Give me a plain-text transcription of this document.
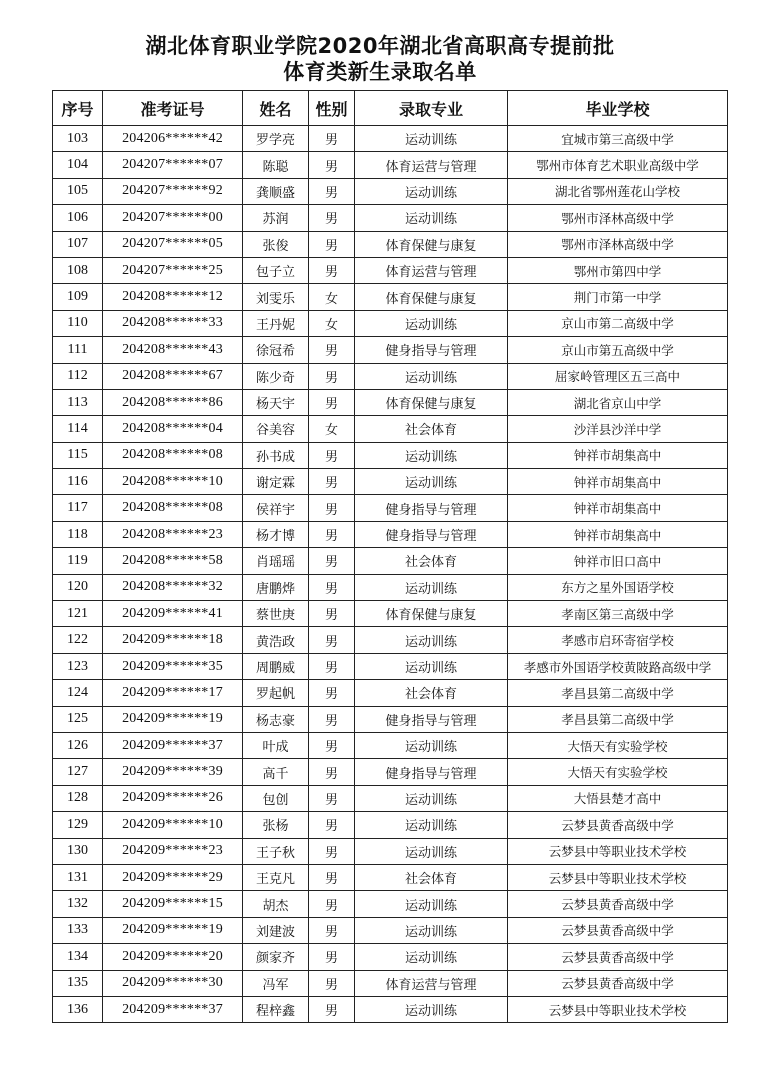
湖北体育职业学院2020年湖北省高职高专提前批
体育类新生录取名单
序号	准考证号	姓名	性别	录取专业	毕业学校
103	204206******42	罗学亮	男	运动训练	宜城市第三高级中学
104	204207******07	陈聪	男	体育运营与管理	鄂州市体育艺术职业高级中学
105	204207******92	龚顺盛	男	运动训练	湖北省鄂州莲花山学校
106	204207******00	苏润	男	运动训练	鄂州市泽林高级中学
107	204207******05	张俊	男	体育保健与康复	鄂州市泽林高级中学
108	204207******25	包子立	男	体育运营与管理	鄂州市第四中学
109	204208******12	刘雯乐	女	体育保健与康复	荆门市第一中学
110	204208******33	王丹妮	女	运动训练	京山市第二高级中学
111	204208******43	徐冠希	男	健身指导与管理	京山市第五高级中学
112	204208******67	陈少奇	男	运动训练	屈家岭管理区五三高中
113	204208******86	杨天宇	男	体育保健与康复	湖北省京山中学
114	204208******04	谷美容	女	社会体育	沙洋县沙洋中学
115	204208******08	孙书成	男	运动训练	钟祥市胡集高中
116	204208******10	谢定霖	男	运动训练	钟祥市胡集高中
117	204208******08	侯祥宇	男	健身指导与管理	钟祥市胡集高中
118	204208******23	杨才博	男	健身指导与管理	钟祥市胡集高中
119	204208******58	肖瑶瑶	男	社会体育	钟祥市旧口高中
120	204208******32	唐鹏烨	男	运动训练	东方之星外国语学校
121	204209******41	蔡世庚	男	体育保健与康复	孝南区第三高级中学
122	204209******18	黄浩政	男	运动训练	孝感市启环寄宿学校
123	204209******35	周鹏威	男	运动训练	孝感市外国语学校黄陂路高级中学
124	204209******17	罗起帆	男	社会体育	孝昌县第二高级中学
125	204209******19	杨志豪	男	健身指导与管理	孝昌县第二高级中学
126	204209******37	叶成	男	运动训练	大悟天有实验学校
127	204209******39	高千	男	健身指导与管理	大悟天有实验学校
128	204209******26	包创	男	运动训练	大悟县楚才高中
129	204209******10	张杨	男	运动训练	云梦县黄香高级中学
130	204209******23	王子秋	男	运动训练	云梦县中等职业技术学校
131	204209******29	王克凡	男	社会体育	云梦县中等职业技术学校
132	204209******15	胡杰	男	运动训练	云梦县黄香高级中学
133	204209******19	刘建波	男	运动训练	云梦县黄香高级中学
134	204209******20	颜家齐	男	运动训练	云梦县黄香高级中学
135	204209******30	冯军	男	体育运营与管理	云梦县黄香高级中学
136	204209******37	程梓鑫	男	运动训练	云梦县中等职业技术学校
